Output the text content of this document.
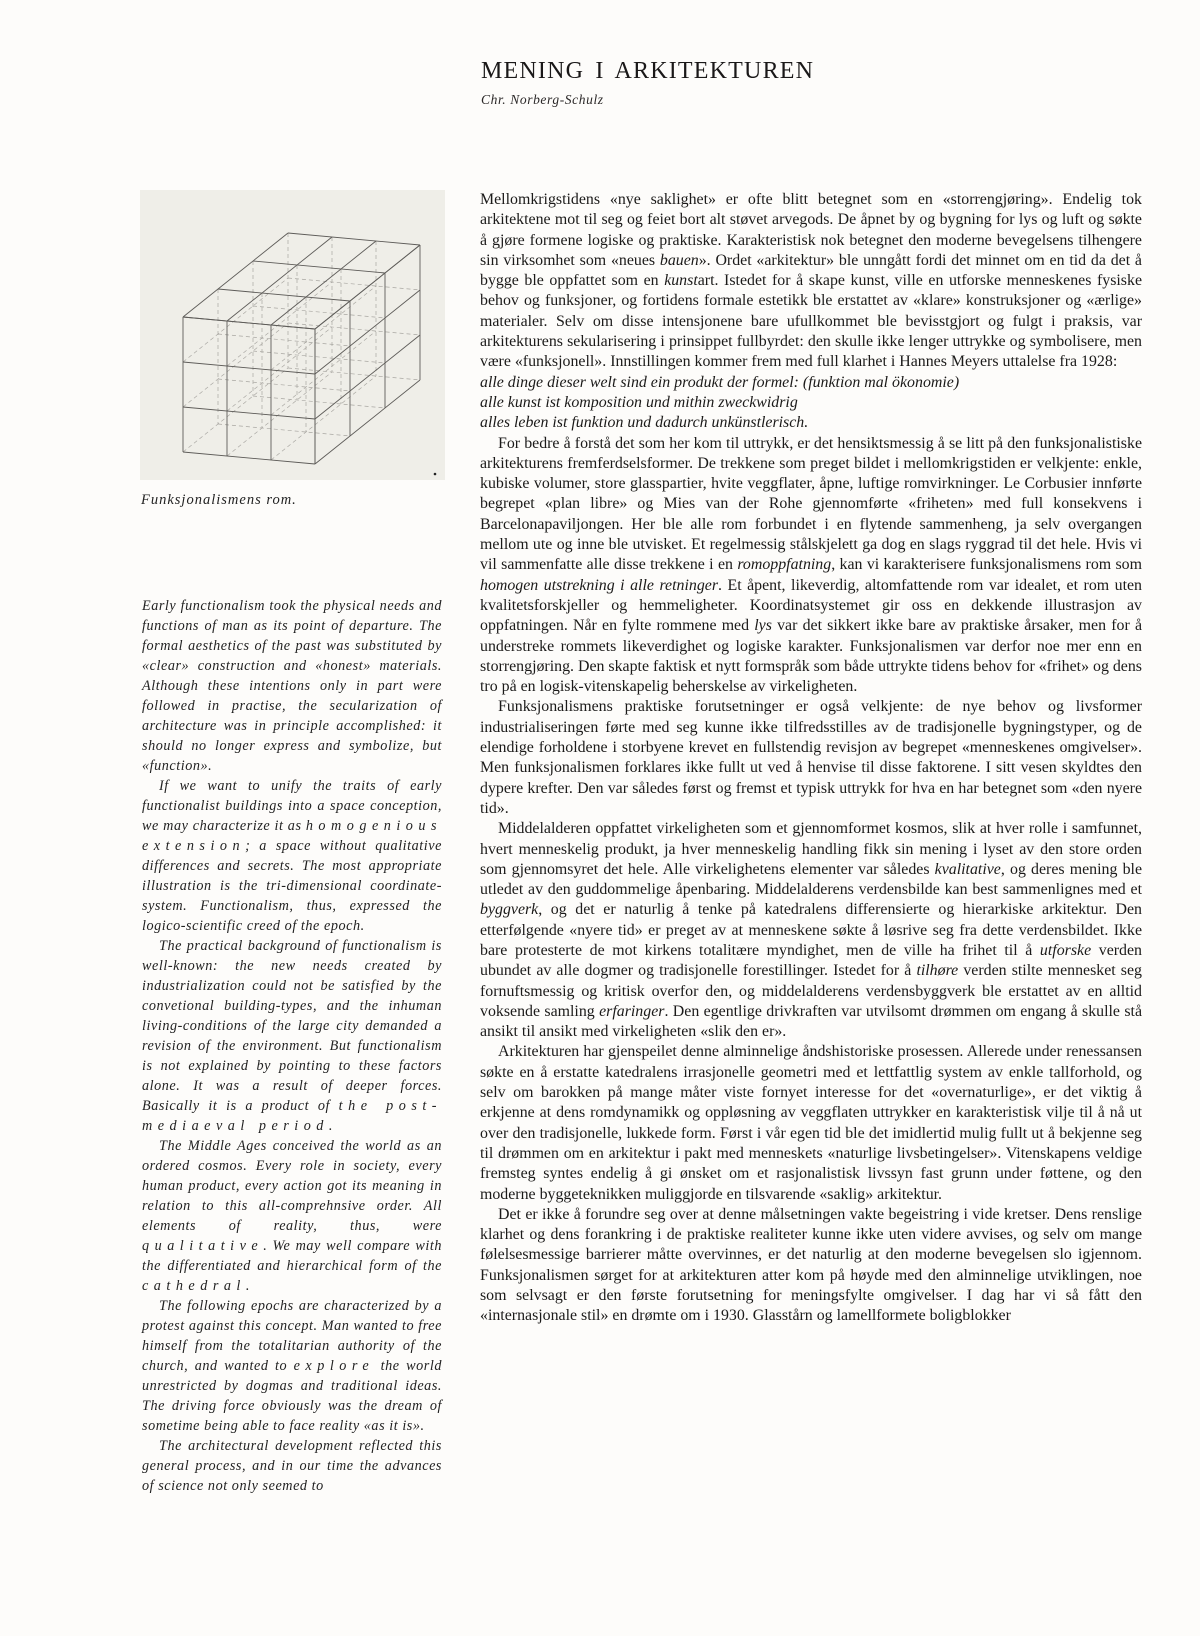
MENING I ARKITEKTUREN
Chr. Norberg-Schulz
Funksjonalismens rom.

Early functionalism took the physical needs and functions of man as its point of departure. The formal aesthetics of the past was substituted by «clear» construction and «honest» materials. Although these intentions only in part were followed in practise, the secularization of architecture was in principle accomplished: it should no longer express and symbolize, but «function».

If we want to unify the traits of early functionalist buildings into a space conception, we may characterize it as homogenious extension; a space without qualitative differences and secrets. The most appropriate illustration is the tri-dimensional coordinate-system. Functionalism, thus, expressed the logico-scientific creed of the epoch.

The practical background of functionalism is well-known: the new needs created by industrialization could not be satisfied by the convetional building-types, and the inhuman living-conditions of the large city demanded a revision of the environment. But functionalism is not explained by pointing to these factors alone. It was a result of deeper forces. Basically it is a product of the post-mediaeval period.

The Middle Ages conceived the world as an ordered cosmos. Every role in society, every human product, every action got its meaning in relation to this all-comprehnsive order. All elements of reality, thus, were qualitative. We may well compare with the differentiated and hierarchical form of the cathedral.

The following epochs are characterized by a protest against this concept. Man wanted to free himself from the totalitarian authority of the church, and wanted to explore the world unrestricted by dogmas and traditional ideas. The driving force obviously was the dream of sometime being able to face reality «as it is».

The architectural development reflected this general process, and in our time the advances of science not only seemed to

Mellomkrigstidens «nye saklighet» er ofte blitt betegnet som en «storrengjøring». Endelig tok arkitektene mot til seg og feiet bort alt støvet arvegods. De åpnet by og bygning for lys og luft og søkte å gjøre formene logiske og praktiske. Karakteristisk nok betegnet den moderne bevegelsens tilhengere sin virksomhet som «neues bauen». Ordet «arkitektur» ble unngått fordi det minnet om en tid da det å bygge ble oppfattet som en kunstart. Istedet for å skape kunst, ville en utforske menneskenes fysiske behov og funksjoner, og fortidens formale estetikk ble erstattet av «klare» konstruksjoner og «ærlige» materialer. Selv om disse intensjonene bare ufullkommet ble bevisstgjort og fulgt i praksis, var arkitekturens sekularisering i prinsippet fullbyrdet: den skulle ikke lenger uttrykke og symbolisere, men være «funksjonell». Innstillingen kommer frem med full klarhet i Hannes Meyers uttalelse fra 1928:

alle dinge dieser welt sind ein produkt der formel: (funktion mal ökonomie)

alle kunst ist komposition und mithin zweckwidrig

alles leben ist funktion und dadurch unkünstlerisch.

For bedre å forstå det som her kom til uttrykk, er det hensiktsmessig å se litt på den funksjonalistiske arkitekturens fremferdselsformer. De trekkene som preget bildet i mellomkrigstiden er velkjente: enkle, kubiske volumer, store glasspartier, hvite veggflater, åpne, luftige romvirkninger. Le Corbusier innførte begrepet «plan libre» og Mies van der Rohe gjennomførte «friheten» med full konsekvens i Barcelonapaviljongen. Her ble alle rom forbundet i en flytende sammenheng, ja selv overgangen mellom ute og inne ble utvisket. Et regelmessig stålskjelett ga dog en slags ryggrad til det hele. Hvis vi vil sammenfatte alle disse trekkene i en romoppfatning, kan vi karakterisere funksjonalismens rom som homogen utstrekning i alle retninger. Et åpent, likeverdig, altomfattende rom var idealet, et rom uten kvalitetsforskjeller og hemmeligheter. Koordinatsystemet gir oss en dekkende illustrasjon av oppfatningen. Når en fylte rommene med lys var det sikkert ikke bare av praktiske årsaker, men for å understreke rommets likeverdighet og logiske karakter. Funksjonalismen var derfor noe mer enn en storrengjøring. Den skapte faktisk et nytt formspråk som både uttrykte tidens behov for «frihet» og dens tro på en logisk-vitenskapelig beherskelse av virkeligheten.

Funksjonalismens praktiske forutsetninger er også velkjente: de nye behov og livsformer industrialiseringen førte med seg kunne ikke tilfredsstilles av de tradisjonelle bygningstyper, og de elendige forholdene i storbyene krevet en fullstendig revisjon av begrepet «menneskenes omgivelser». Men funksjonalismen forklares ikke fullt ut ved å henvise til disse faktorene. I sitt vesen skyldtes den dypere krefter. Den var således først og fremst et typisk uttrykk for hva en har betegnet som «den nyere tid».

Middelalderen oppfattet virkeligheten som et gjennomformet kosmos, slik at hver rolle i samfunnet, hvert menneskelig produkt, ja hver menneskelig handling fikk sin mening i lyset av den store orden som gjennomsyret det hele. Alle virkelighetens elementer var således kvalitative, og deres mening ble utledet av den guddommelige åpenbaring. Middelalderens verdensbilde kan best sammenlignes med et byggverk, og det er naturlig å tenke på katedralens differensierte og hierarkiske arkitektur. Den etterfølgende «nyere tid» er preget av at menneskene søkte å løsrive seg fra dette verdensbildet. Ikke bare protesterte de mot kirkens totalitære myndighet, men de ville ha frihet til å utforske verden ubundet av alle dogmer og tradisjonelle forestillinger. Istedet for å tilhøre verden stilte mennesket seg fornuftsmessig og kritisk overfor den, og middelalderens verdensbyggverk ble erstattet av en alltid voksende samling erfaringer. Den egentlige drivkraften var utvilsomt drømmen om engang å skulle stå ansikt til ansikt med virkeligheten «slik den er».

Arkitekturen har gjenspeilet denne alminnelige åndshistoriske prosessen. Allerede under renessansen søkte en å erstatte katedralens irrasjonelle geometri med et lettfattlig system av enkle tallforhold, og selv om barokken på mange måter viste fornyet interesse for det «overnaturlige», er det viktig å erkjenne at dens romdynamikk og oppløsning av veggflaten uttrykker en karakteristisk vilje til å nå ut over den tradisjonelle, lukkede form. Først i vår egen tid ble det imidlertid mulig fullt ut å bekjenne seg til drømmen om en arkitektur i pakt med menneskets «naturlige livsbetingelser». Vitenskapens veldige fremsteg syntes endelig å gi ønsket om et rasjonalistisk livssyn fast grunn under føttene, og den moderne byggeteknikken muliggjorde en tilsvarende «saklig» arkitektur.

Det er ikke å forundre seg over at denne målsetningen vakte begeistring i vide kretser. Dens renslige klarhet og dens forankring i de praktiske realiteter kunne ikke uten videre avvises, og selv om mange følelsesmessige barrierer måtte overvinnes, er det naturlig at den moderne bevegelsen slo igjennom. Funksjonalismen sørget for at arkitekturen atter kom på høyde med den alminnelige utviklingen, noe som selvsagt er den første forutsetning for meningsfylte omgivelser. I dag har vi så fått den «internasjonale stil» en drømte om i 1930. Glasstårn og lamellformete boligblokker
